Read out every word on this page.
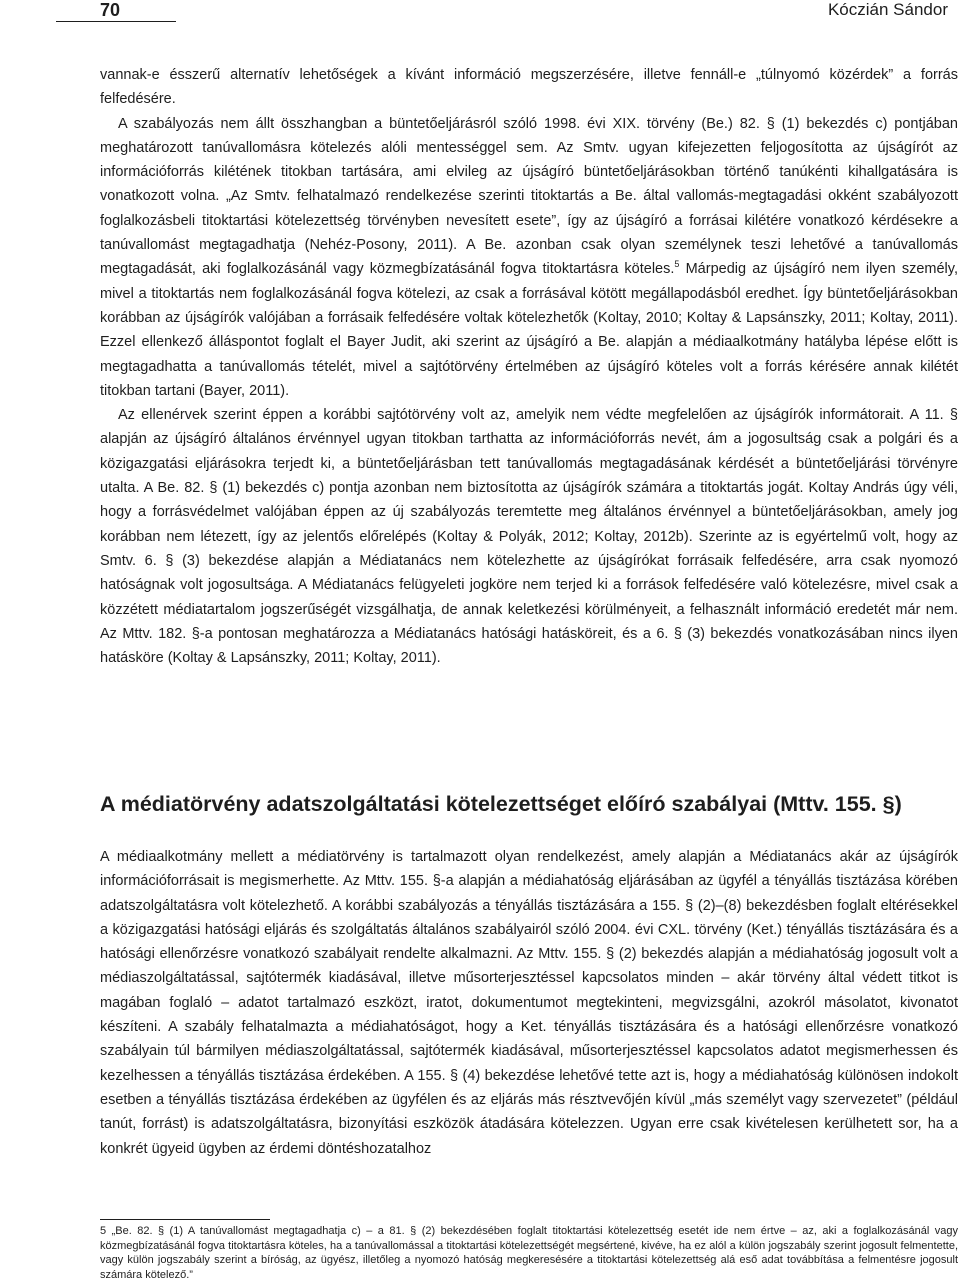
70	Kóczián Sándor

vannak-e ésszerű alternatív lehetőségek a kívánt információ megszerzésére, illetve fennáll-e „túlnyomó közérdek” a forrás felfedésére.

A szabályozás nem állt összhangban a büntetőeljárásról szóló 1998. évi XIX. törvény (Be.) 82. § (1) bekezdés c) pontjában meghatározott tanúvallomásra kötelezés alóli mentességgel sem. Az Smtv. ugyan kifejezetten feljogosította az újságírót az információforrás kilétének titokban tartására, ami elvileg az újságíró büntetőeljárásokban történő tanúkénti kihallgatására is vonatkozott volna. „Az Smtv. felhatalmazó rendelkezése szerinti titoktartás a Be. által vallomás-megtagadási okként szabályozott foglalkozásbeli titoktartási kötelezettség törvényben nevesített esete”, így az újságíró a forrásai kilétére vonatkozó kérdésekre a tanúvallomást megtagadhatja (Nehéz-Posony, 2011). A Be. azonban csak olyan személynek teszi lehetővé a tanúvallomás megtagadását, aki foglalkozásánál vagy közmegbízatásánál fogva titoktartásra köteles.$^5$ Márpedig az újságíró nem ilyen személy, mivel a titoktartás nem foglalkozásánál fogva kötelezi, az csak a forrásával kötött megállapodásból eredhet. Így büntetőeljárásokban korábban az újságírók valójában a forrásaik felfedésére voltak kötelezhetők (Koltay, 2010; Koltay & Lapsánszky, 2011; Koltay, 2011). Ezzel ellenkező álláspontot foglalt el Bayer Judit, aki szerint az újságíró a Be. alapján a médiaalkotmány hatályba lépése előtt is megtagadhatta a tanúvallomás tételét, mivel a sajtótörvény értelmében az újságíró köteles volt a forrás kérésére annak kilétét titokban tartani (Bayer, 2011).

Az ellenérvek szerint éppen a korábbi sajtótörvény volt az, amelyik nem védte megfelelően az újságírók informátorait. A 11. § alapján az újságíró általános érvénnyel ugyan titokban tarthatta az információforrás nevét, ám a jogosultság csak a polgári és a közigazgatási eljárásokra terjedt ki, a büntetőeljárásban tett tanúvallomás megtagadásának kérdését a büntetőeljárási törvényre utalta. A Be. 82. § (1) bekezdés c) pontja azonban nem biztosította az újságírók számára a titoktartás jogát. Koltay András úgy véli, hogy a forrásvédelmet valójában éppen az új szabályozás teremtette meg általános érvénnyel a büntetőeljárásokban, amely jog korábban nem létezett, így az jelentős előrelépés (Koltay & Polyák, 2012; Koltay, 2012b). Szerinte az is egyértelmű volt, hogy az Smtv. 6. § (3) bekezdése alapján a Médiatanács nem kötelezhette az újságírókat forrásaik felfedésére, arra csak nyomozó hatóságnak volt jogosultsága. A Médiatanács felügyeleti jogköre nem terjed ki a források felfedésére való kötelezésre, mivel csak a közzétett médiatartalom jogszerűségét vizsgálhatja, de annak keletkezési körülményeit, a felhasznált információ eredetét már nem. Az Mttv. 182. §-a pontosan meghatározza a Médiatanács hatósági hatásköreit, és a 6. § (3) bekezdés vonatkozásában nincs ilyen hatásköre (Koltay & Lapsánszky, 2011; Koltay, 2011).

A médiatörvény adatszolgáltatási kötelezettséget előíró szabályai (Mttv. 155. §)

A médiaalkotmány mellett a médiatörvény is tartalmazott olyan rendelkezést, amely alapján a Médiatanács akár az újságírók információforrásait is megismerhette. Az Mttv. 155. §-a alapján a médiahatóság eljárásában az ügyfél a tényállás tisztázása körében adatszolgáltatásra volt kötelezhető. A korábbi szabályozás a tényállás tisztázására a 155. § (2)–(8) bekezdésben foglalt eltérésekkel a közigazgatási hatósági eljárás és szolgáltatás általános szabályairól szóló 2004. évi CXL. törvény (Ket.) tényállás tisztázására és a hatósági ellenőrzésre vonatkozó szabályait rendelte alkalmazni. Az Mttv. 155. § (2) bekezdés alapján a médiahatóság jogosult volt a médiaszolgáltatással, sajtótermék kiadásával, illetve műsorterjesztéssel kapcsolatos minden – akár törvény által védett titkot is magában foglaló – adatot tartalmazó eszközt, iratot, dokumentumot megtekinteni, megvizsgálni, azokról másolatot, kivonatot készíteni. A szabály felhatalmazta a médiahatóságot, hogy a Ket. tényállás tisztázására és a hatósági ellenőrzésre vonatkozó szabályain túl bármilyen médiaszolgáltatással, sajtótermék kiadásával, műsorterjesztéssel kapcsolatos adatot megismerhessen és kezelhessen a tényállás tisztázása érdekében. A 155. § (4) bekezdése lehetővé tette azt is, hogy a médiahatóság különösen indokolt esetben a tényállás tisztázása érdekében az ügyfélen és az eljárás más résztvevőjén kívül „más személyt vagy szervezetet” (például tanút, forrást) is adatszolgáltatásra, bizonyítási eszközök átadására kötelezzen. Ugyan erre csak kivételesen kerülhetett sor, ha a konkrét ügyeid ügyben az érdemi döntéshozatalhoz

5 „Be. 82. § (1) A tanúvallomást megtagadhatja c) – a 81. § (2) bekezdésében foglalt titoktartási kötelezettség esetét ide nem értve – az, aki a foglalkozásánál vagy közmegbízatásánál fogva titoktartásra köteles, ha a tanúvallomással a titoktartási kötelezettségét megsértené, kivéve, ha ez alól a külön jogszabály szerint jogosult felmentette, vagy külön jogszabály szerint a bíróság, az ügyész, illetőleg a nyomozó hatóság megkeresésére a titoktartási kötelezettség alá eső adat továbbítása a felmentésre jogosult számára kötelező.”
